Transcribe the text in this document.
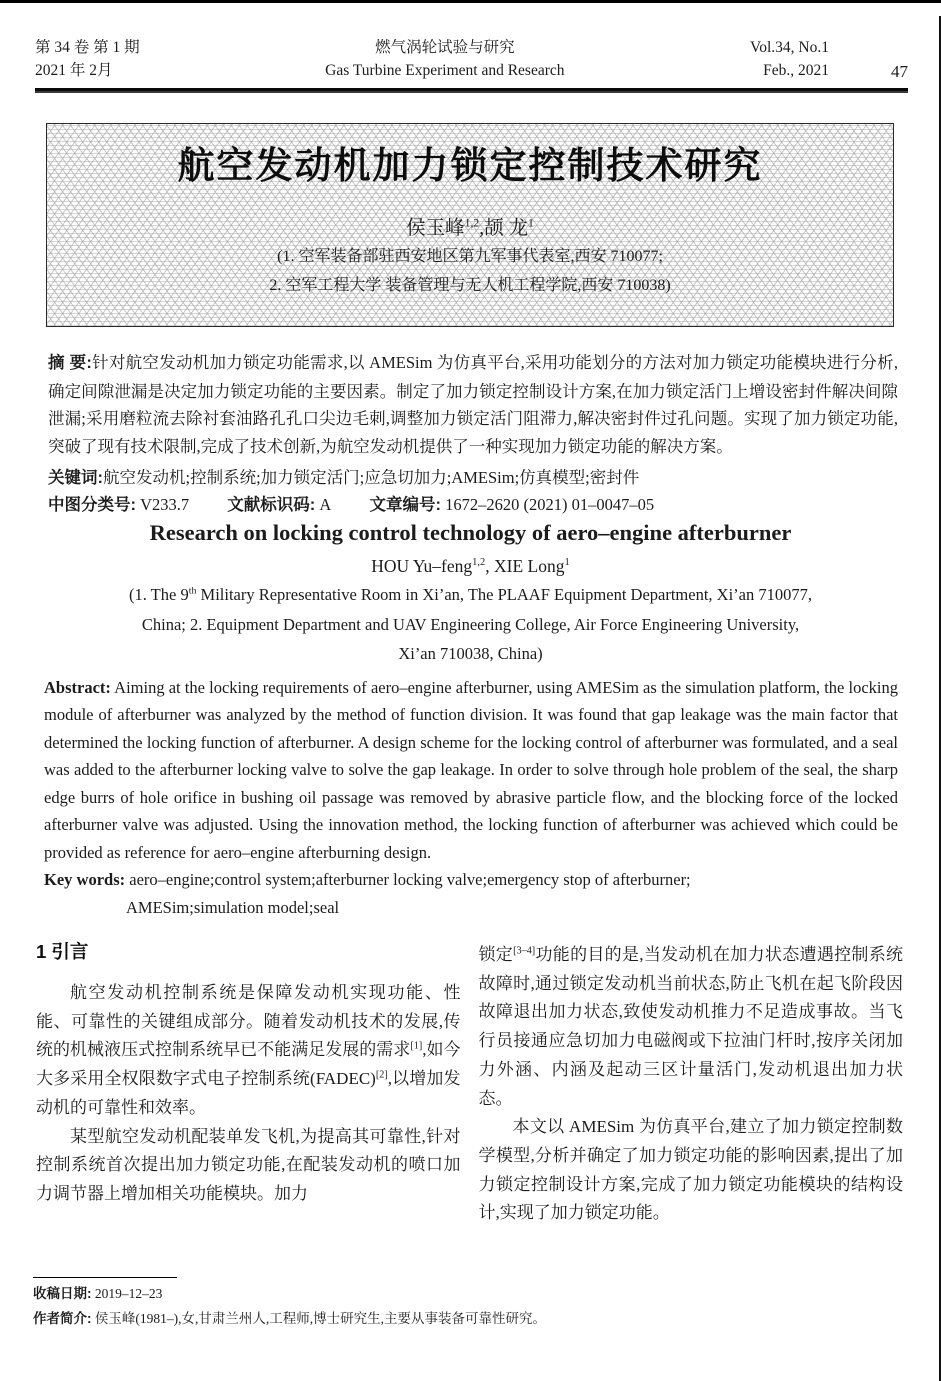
第 34 卷 第 1 期
2021 年 2月
燃气涡轮试验与研究
Gas Turbine Experiment and Research
Vol.34, No.1
Feb., 2021	47
航空发动机加力锁定控制技术研究
侯玉峰$^{1,2}$,颉 龙$^1$
(1. 空军装备部驻西安地区第九军事代表室,西安 710077;
2. 空军工程大学 装备管理与无人机工程学院,西安 710038)

摘 要:针对航空发动机加力锁定功能需求,以 AMESim 为仿真平台,采用功能划分的方法对加力锁定功能模块进行分析,确定间隙泄漏是决定加力锁定功能的主要因素。制定了加力锁定控制设计方案,在加力锁定活门上增设密封件解决间隙泄漏;采用磨粒流去除衬套油路孔孔口尖边毛刺,调整加力锁定活门阻滞力,解决密封件过孔问题。实现了加力锁定功能,突破了现有技术限制,完成了技术创新,为航空发动机提供了一种实现加力锁定功能的解决方案。

关键词:航空发动机;控制系统;加力锁定活门;应急切加力;AMESim;仿真模型;密封件

中图分类号: V233.7 文献标识码: A 文章编号: 1672–2620 (2021) 01–0047–05

Research on locking control technology of aero–engine afterburner
HOU Yu–feng$^{1,2}$, XIE Long$^1$
(1. The 9th Military Representative Room in Xi’an, The PLAAF Equipment Department, Xi’an 710077,
China; 2. Equipment Department and UAV Engineering College, Air Force Engineering University,
Xi’an 710038, China)

Abstract: Aiming at the locking requirements of aero–engine afterburner, using AMESim as the simulation platform, the locking module of afterburner was analyzed by the method of function division. It was found that gap leakage was the main factor that determined the locking function of afterburner. A design scheme for the locking control of afterburner was formulated, and a seal was added to the afterburner locking valve to solve the gap leakage. In order to solve through hole problem of the seal, the sharp edge burrs of hole orifice in bushing oil passage was removed by abrasive particle flow, and the blocking force of the locked afterburner valve was adjusted. Using the innovation method, the locking function of afterburner was achieved which could be provided as reference for aero–engine afterburning design.

Key words: aero–engine;control system;afterburner locking valve;emergency stop of afterburner;
AMESim;simulation model;seal
1 引言

航空发动机控制系统是保障发动机实现功能、性能、可靠性的关键组成部分。随着发动机技术的发展,传统的机械液压式控制系统早已不能满足发展的需求[1],如今大多采用全权限数字式电子控制系统(FADEC)[2],以增加发动机的可靠性和效率。

某型航空发动机配装单发飞机,为提高其可靠性,针对控制系统首次提出加力锁定功能,在配装发动机的喷口加力调节器上增加相关功能模块。加力

锁定[3–4]功能的目的是,当发动机在加力状态遭遇控制系统故障时,通过锁定发动机当前状态,防止飞机在起飞阶段因故障退出加力状态,致使发动机推力不足造成事故。当飞行员接通应急切加力电磁阀或下拉油门杆时,按序关闭加力外涵、内涵及起动三区计量活门,发动机退出加力状态。

本文以 AMESim 为仿真平台,建立了加力锁定控制数学模型,分析并确定了加力锁定功能的影响因素,提出了加力锁定控制设计方案,完成了加力锁定功能模块的结构设计,实现了加力锁定功能。

收稿日期: 2019–12–23
作者简介: 侯玉峰(1981–),女,甘肃兰州人,工程师,博士研究生,主要从事装备可靠性研究。
